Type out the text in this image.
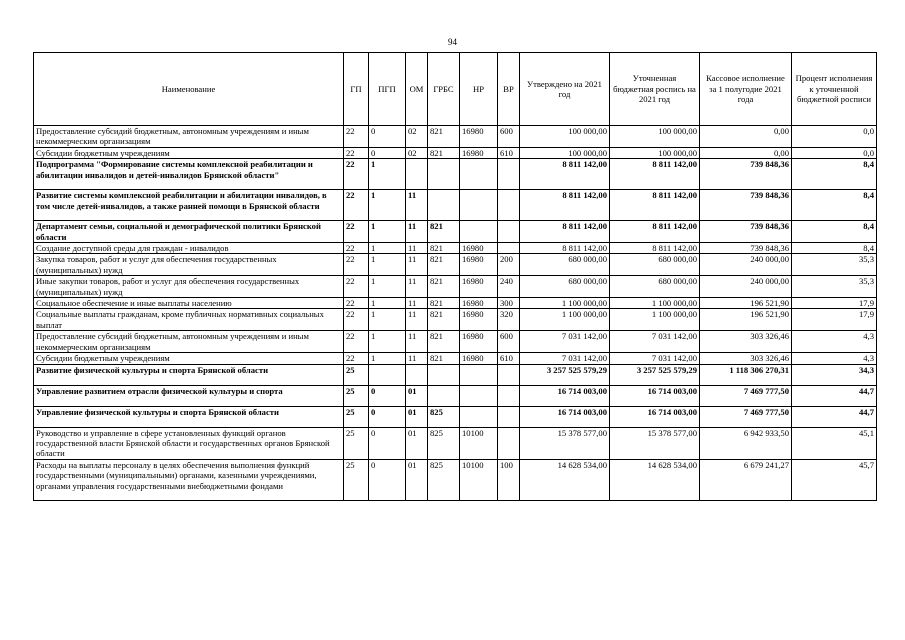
94
Наименование	ГП	ПГП	ОМ	ГРБС	НР	ВР	Утверждено на 2021 год	Уточненная бюджетная роспись на 2021 год	Кассовое исполнение за 1 полугодие 2021 года	Процент исполнения к уточненной бюджетной росписи
Предоставление субсидий бюджетным, автономным учреждениям и иным некоммерческим организациям	22	0	02	821	16980	600	100 000,00	100 000,00	0,00	0,0
Субсидии бюджетным учреждениям	22	0	02	821	16980	610	100 000,00	100 000,00	0,00	0,0
Подпрограмма "Формирование системы комплексной реабилитации и абилитации инвалидов и детей-инвалидов Брянской области"	22	1					8 811 142,00	8 811 142,00	739 848,36	8,4
Развитие системы комплексной реабилитации и абилитации инвалидов, в том числе детей-инвалидов, а также ранней помощи в Брянской области	22	1	11				8 811 142,00	8 811 142,00	739 848,36	8,4
Департамент семьи, социальной и демографической политики Брянской области	22	1	11	821			8 811 142,00	8 811 142,00	739 848,36	8,4
Создание доступной среды для граждан - инвалидов	22	1	11	821	16980		8 811 142,00	8 811 142,00	739 848,36	8,4
Закупка товаров, работ и услуг для обеспечения государственных (муниципальных) нужд	22	1	11	821	16980	200	680 000,00	680 000,00	240 000,00	35,3
Иные закупки товаров, работ и услуг для обеспечения государственных (муниципальных) нужд	22	1	11	821	16980	240	680 000,00	680 000,00	240 000,00	35,3
Социальное обеспечение и иные выплаты населению	22	1	11	821	16980	300	1 100 000,00	1 100 000,00	196 521,90	17,9
Социальные выплаты гражданам, кроме публичных нормативных социальных выплат	22	1	11	821	16980	320	1 100 000,00	1 100 000,00	196 521,90	17,9
Предоставление субсидий бюджетным, автономным учреждениям и иным некоммерческим организациям	22	1	11	821	16980	600	7 031 142,00	7 031 142,00	303 326,46	4,3
Субсидии бюджетным учреждениям	22	1	11	821	16980	610	7 031 142,00	7 031 142,00	303 326,46	4,3
Развитие физической культуры и спорта Брянской области	25						3 257 525 579,29	3 257 525 579,29	1 118 306 270,31	34,3
Управление развитием отрасли физической культуры и спорта	25	0	01				16 714 003,00	16 714 003,00	7 469 777,50	44,7
Управление физической культуры и спорта Брянской области	25	0	01	825			16 714 003,00	16 714 003,00	7 469 777,50	44,7
Руководство и управление в сфере установленных функций органов государственной власти Брянской области и государственных органов Брянской области	25	0	01	825	10100		15 378 577,00	15 378 577,00	6 942 933,50	45,1
Расходы на выплаты персоналу в целях обеспечения выполнения функций государственными (муниципальными) органами, казенными учреждениями, органами управления государственными внебюджетными фондами	25	0	01	825	10100	100	14 628 534,00	14 628 534,00	6 679 241,27	45,7
